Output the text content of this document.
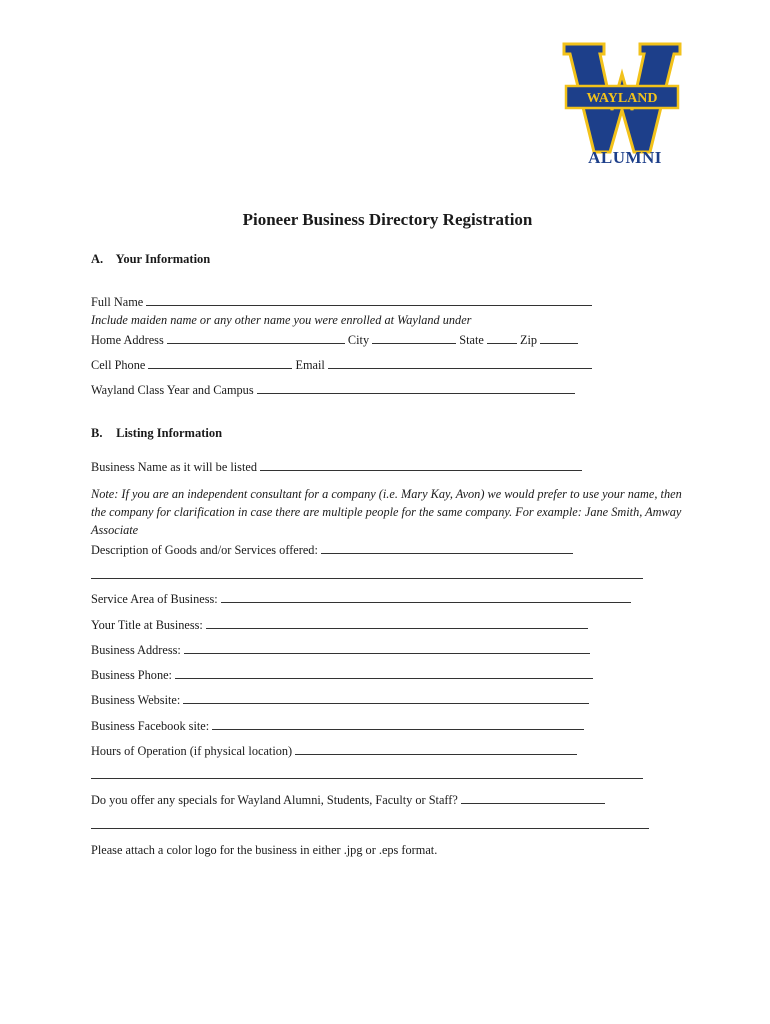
WAYLAND
ALUMNI
Pioneer Business Directory Registration
A. Your Information
Full Name
Include maiden name or any other name you were enrolled at Wayland under
Home Address	City	State	Zip
Cell Phone	Email
Wayland Class Year and Campus
B. Listing Information
Business Name as it will be listed
Note: If you are an independent consultant for a company (i.e. Mary Kay, Avon) we would prefer to use your name, then the company for clarification in case there are multiple people for the same company. For example: Jane Smith, Amway Associate
Description of Goods and/or Services offered:
Service Area of Business:
Your Title at Business:
Business Address:
Business Phone:
Business Website:
Business Facebook site:
Hours of Operation (if physical location)
Do you offer any specials for Wayland Alumni, Students, Faculty or Staff?
Please attach a color logo for the business in either .jpg or .eps format.
